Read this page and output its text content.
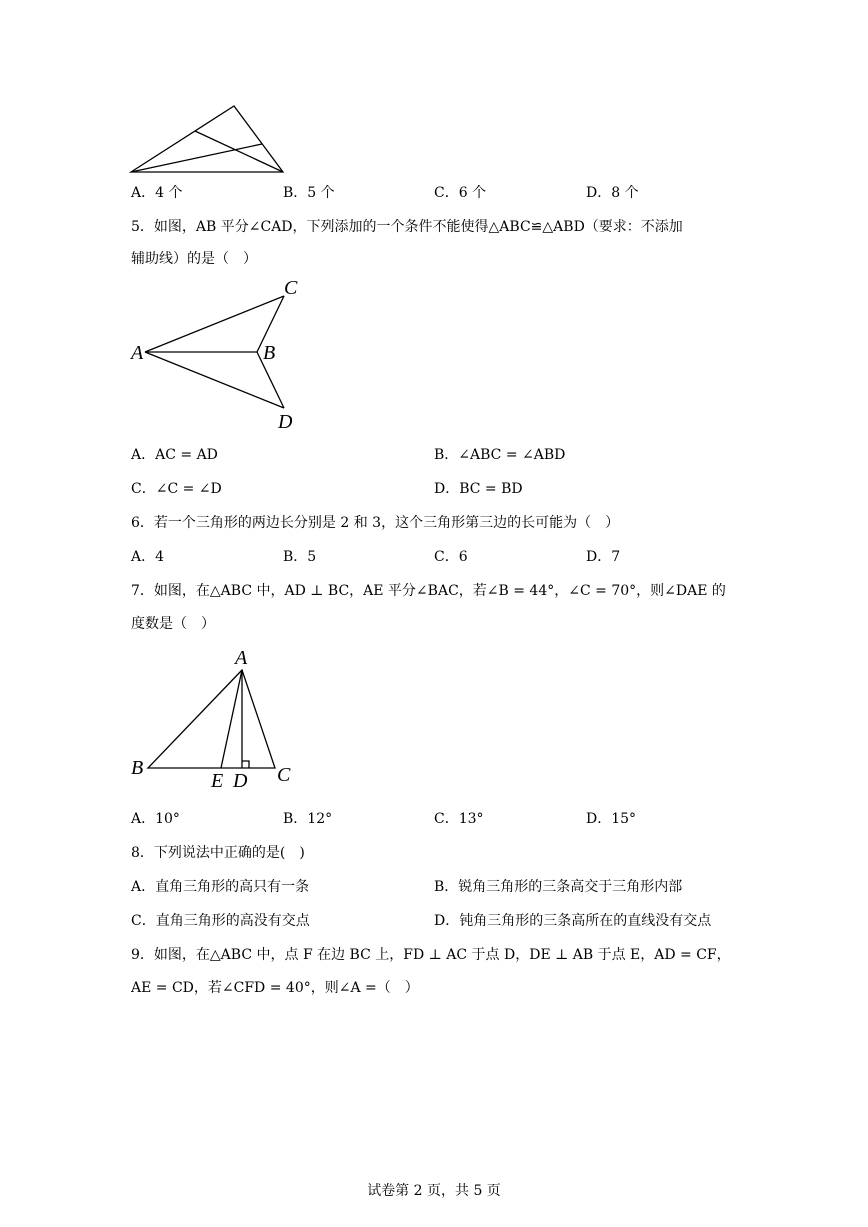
A．4 个	B．5 个	C．6 个	D．8 个
5．如图，AB 平分∠CAD，下列添加的一个条件不能使得△ABC≌△ABD（要求：不添加
辅助线）的是（　）
A	B
C
D
A．AC = AD	B．∠ABC = ∠ABD
C．∠C = ∠D	D．BC = BD
6．若一个三角形的两边长分别是 2 和 3，这个三角形第三边的长可能为（　）
A．4	B．5	C．6	D．7
7．如图，在△ABC 中，AD ⊥ BC，AE 平分∠BAC，若∠B = 44°，∠C = 70°，则∠DAE 的
度数是（　）
A
B
E D C
A．10°	B．12°	C．13°	D．15°
8．下列说法中正确的是(　)
A．直角三角形的高只有一条	B．锐角三角形的三条高交于三角形内部
C．直角三角形的高没有交点	D．钝角三角形的三条高所在的直线没有交点
9．如图，在△ABC 中，点 F 在边 BC 上，FD ⊥ AC 于点 D，DE ⊥ AB 于点 E，AD = CF，
AE = CD，若∠CFD = 40°，则∠A =（　）
试卷第 2 页，共 5 页
